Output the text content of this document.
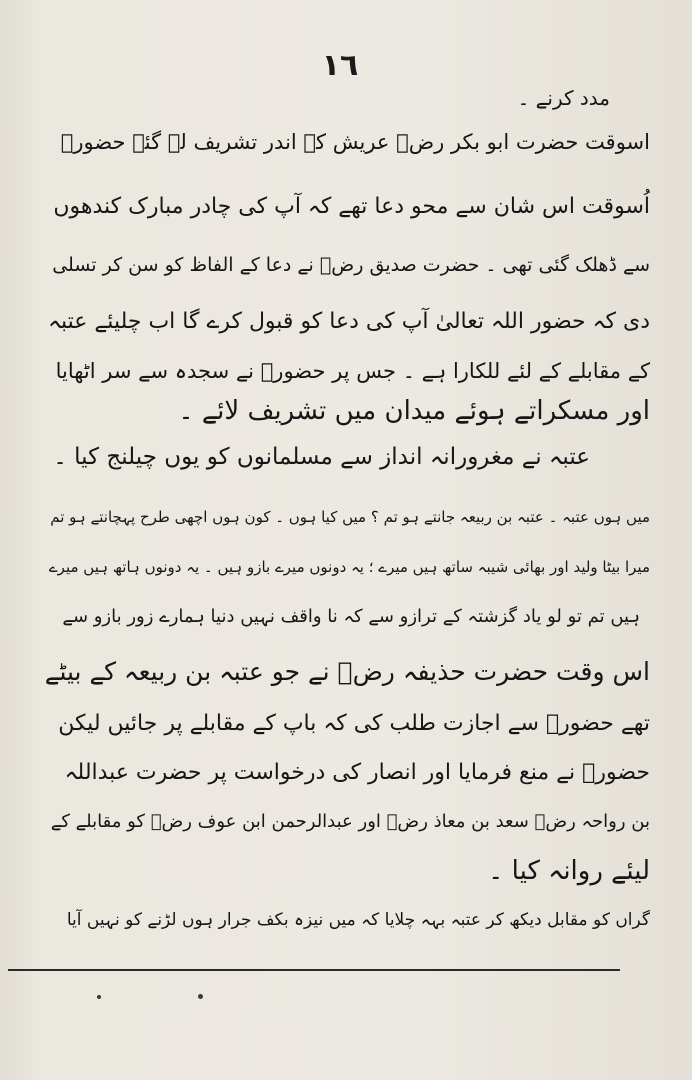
١٦
مدد کرنے ۔
اسوقت حضرت ابو بکر رضؓ عریش کے اندر تشریف لے گئے حضورؐ
اُسوقت اس شان سے محو دعا تھے کہ آپ کی چادر مبارک کندھوں
سے ڈھلک گئی تھی ۔ حضرت صدیق رضؓ نے دعا کے الفاظ کو سن کر تسلی
دی کہ حضور اللہ تعالیٰ آپ کی دعا کو قبول کرے گا اب چلیئے عتبہ
کے مقابلے کے لئے للکارا ہے ۔ جس پر حضورؐ نے سجدہ سے سر اٹھایا
اور مسکراتے ہوئے میدان میں تشریف لائے ۔
عتبہ نے مغرورانہ انداز سے مسلمانوں کو یوں چیلنج کیا ۔
میں ہوں عتبہ ۔ عتبہ بن ربیعہ جانتے ہو تم ؟ میں کیا ہوں ۔ کون ہوں اچھی طرح پہچانتے ہو تم
میرا بیٹا ولید اور بھائی شیبہ ساتھ ہیں میرے ؛ یہ دونوں میرے بازو ہیں ۔ یہ دونوں ہاتھ ہیں میرے
ہیں تم تو لو یاد گزشتہ کے ترازو سے کہ نا واقف نہیں دنیا ہمارے زور بازو سے
اس وقت حضرت حذیفہ رضؓ نے جو عتبہ بن ربیعہ کے بیٹے
تھے حضورؐ سے اجازت طلب کی کہ باپ کے مقابلے پر جائیں لیکن
حضورؐ نے منع فرمایا اور انصار کی درخواست پر حضرت عبداللہ
بن رواحہ رضؓ سعد بن معاذ رضؓ اور عبدالرحمن ابن عوف رضؓ کو مقابلے کے
لیئے روانہ کیا ۔
گراں کو مقابل دیکھ کر عتبہ بہہ چلایا کہ میں نیزہ بکف جرار ہوں لڑنے کو نہیں آیا
